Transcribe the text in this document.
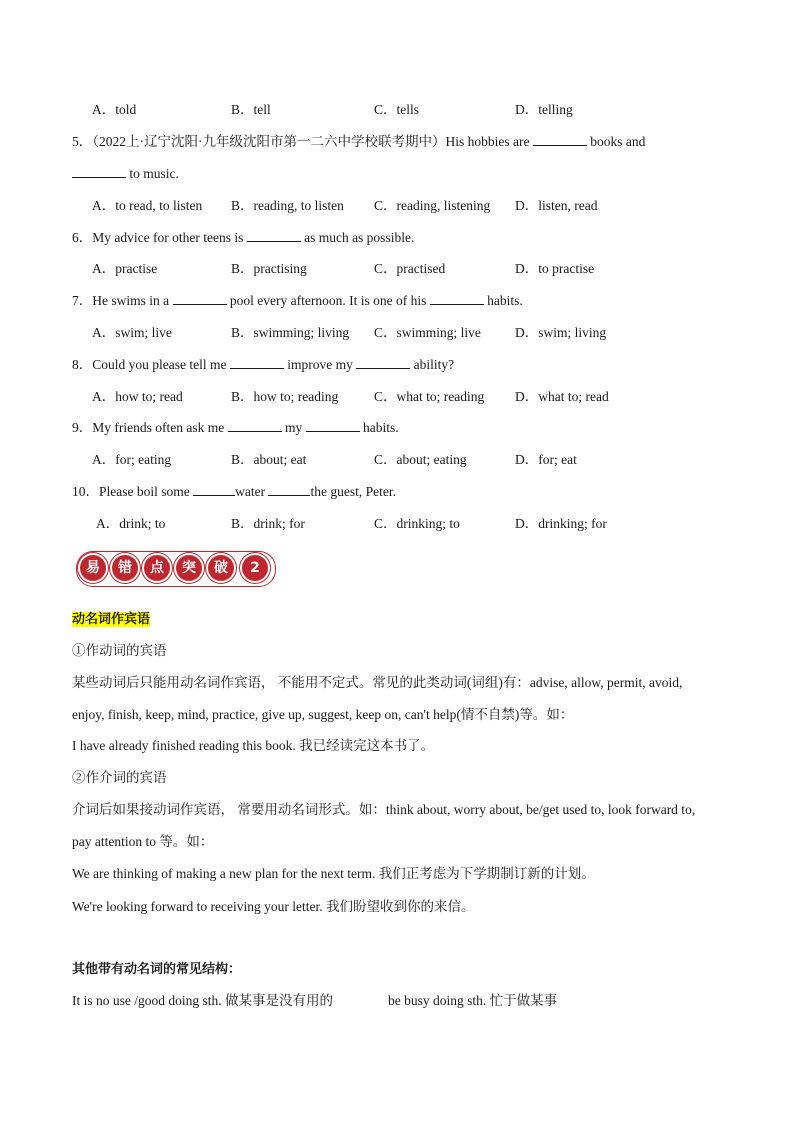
A．told	B．tell	C．tells	D．telling
5．（2022上·辽宁沈阳·九年级沈阳市第一二六中学校联考期中）His hobbies are	books and
to music.
A．to read, to listen B．reading, to listen C．reading, listening D．listen, read
6．My advice for other teens is	as much as possible.
A．practise	B．practising	C．practised	D．to practise
7．He swims in a	pool every afternoon. It is one of his	habits.
A．swim; live	B．swimming; living C．swimming; live	D．swim; living
8．Could you please tell me	improve my	ability?
A．how to; read	B．how to; reading	C．what to; reading D．what to; read
9．My friends often ask me	my	habits.
A．for; eating	B．about; eat	C．about; eating	D．for; eat
10．Please boil some	water	the guest, Peter.
A．drink; to	B．drink; for	C．drinking; to	D．drinking; for
易	错	点	突	破	2
动名词作宾语
①作动词的宾语
某些动词后只能用动名词作宾语， 不能用不定式。常见的此类动词(词组)有：advise, allow, permit, avoid,
enjoy, finish, keep, mind, practice, give up, suggest, keep on, can't help(情不自禁)等。如：
I have already finished reading this book. 我已经读完这本书了。
②作介词的宾语
介词后如果接动词作宾语， 常要用动名词形式。如：think about, worry about, be/get used to, look forward to,
pay attention to 等。如：
We are thinking of making a new plan for the next term. 我们正考虑为下学期制订新的计划。
We're looking forward to receiving your letter. 我们盼望收到你的来信。
其他带有动名词的常见结构：
It is no use /good doing sth. 做某事是没有用的	be busy doing sth. 忙于做某事
